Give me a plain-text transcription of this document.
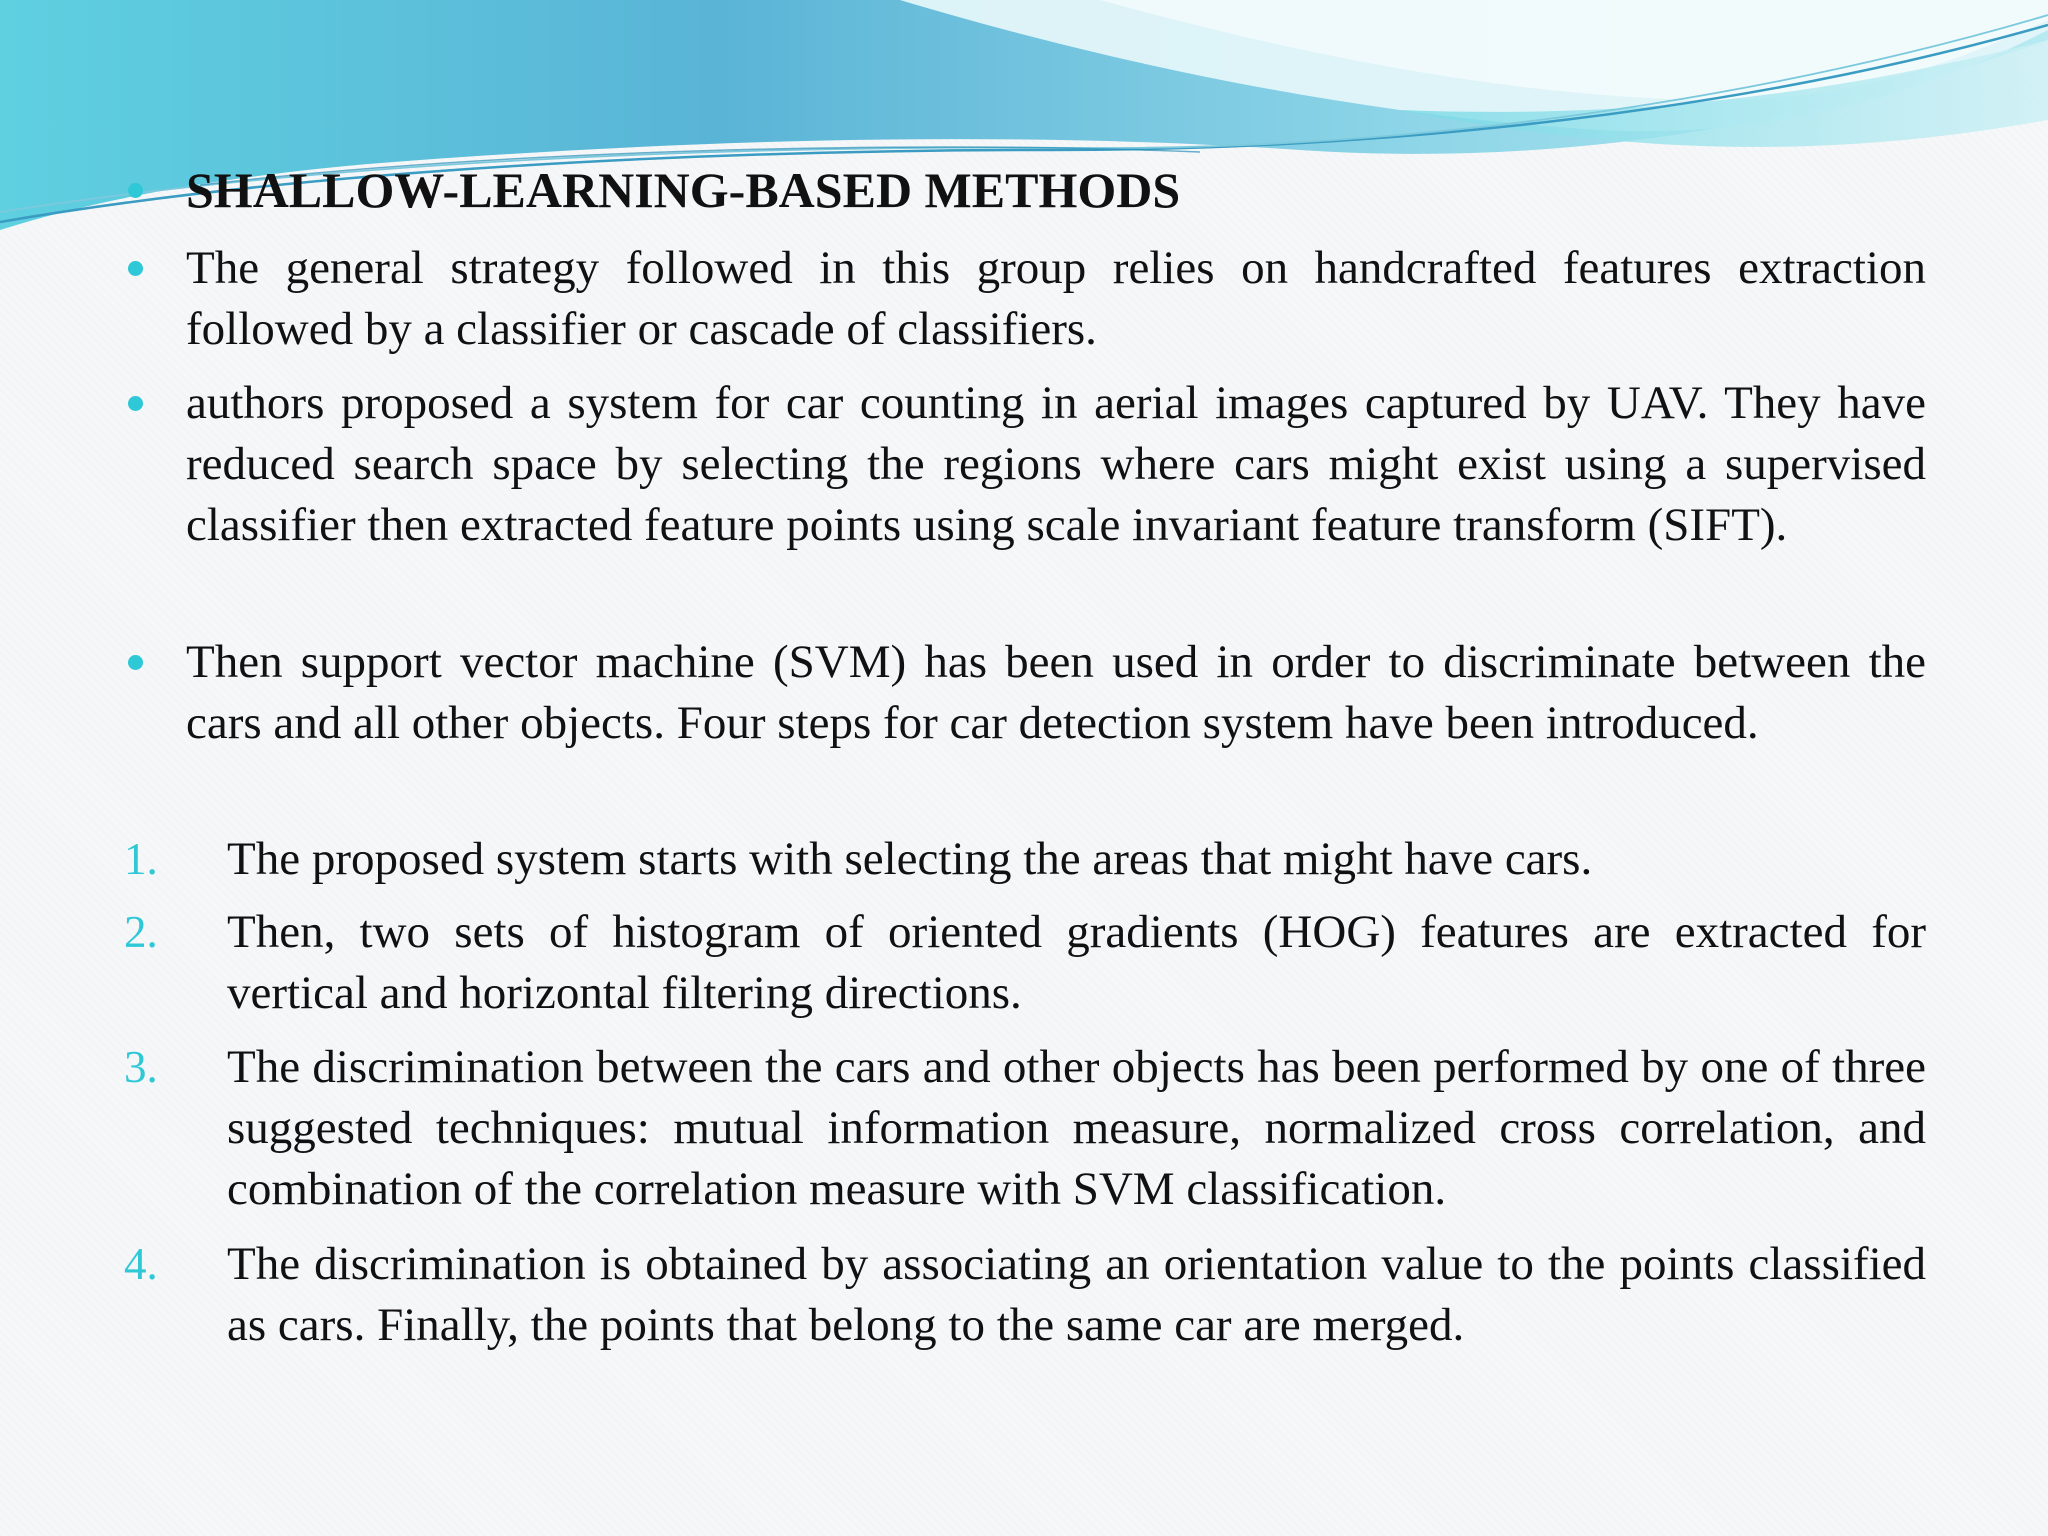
SHALLOW-LEARNING-BASED METHODS
The general strategy followed in this group relies on handcrafted features extraction followed by a classifier or cascade of classifiers.
authors proposed a system for car counting in aerial images captured by UAV. They have reduced search space by selecting the regions where cars might exist using a supervised classifier then extracted feature points using scale invariant feature transform (SIFT).
Then support vector machine (SVM) has been used in order to discriminate between the cars and all other objects. Four steps for car detection system have been introduced.
1. The proposed system starts with selecting the areas that might have cars.
2. Then, two sets of histogram of oriented gradients (HOG) features are extracted for vertical and horizontal filtering directions.
3. The discrimination between the cars and other objects has been performed by one of three suggested techniques: mutual information measure, normalized cross correlation, and combination of the correlation measure with SVM classification.
4. The discrimination is obtained by associating an orientation value to the points classified as cars. Finally, the points that belong to the same car are merged.
